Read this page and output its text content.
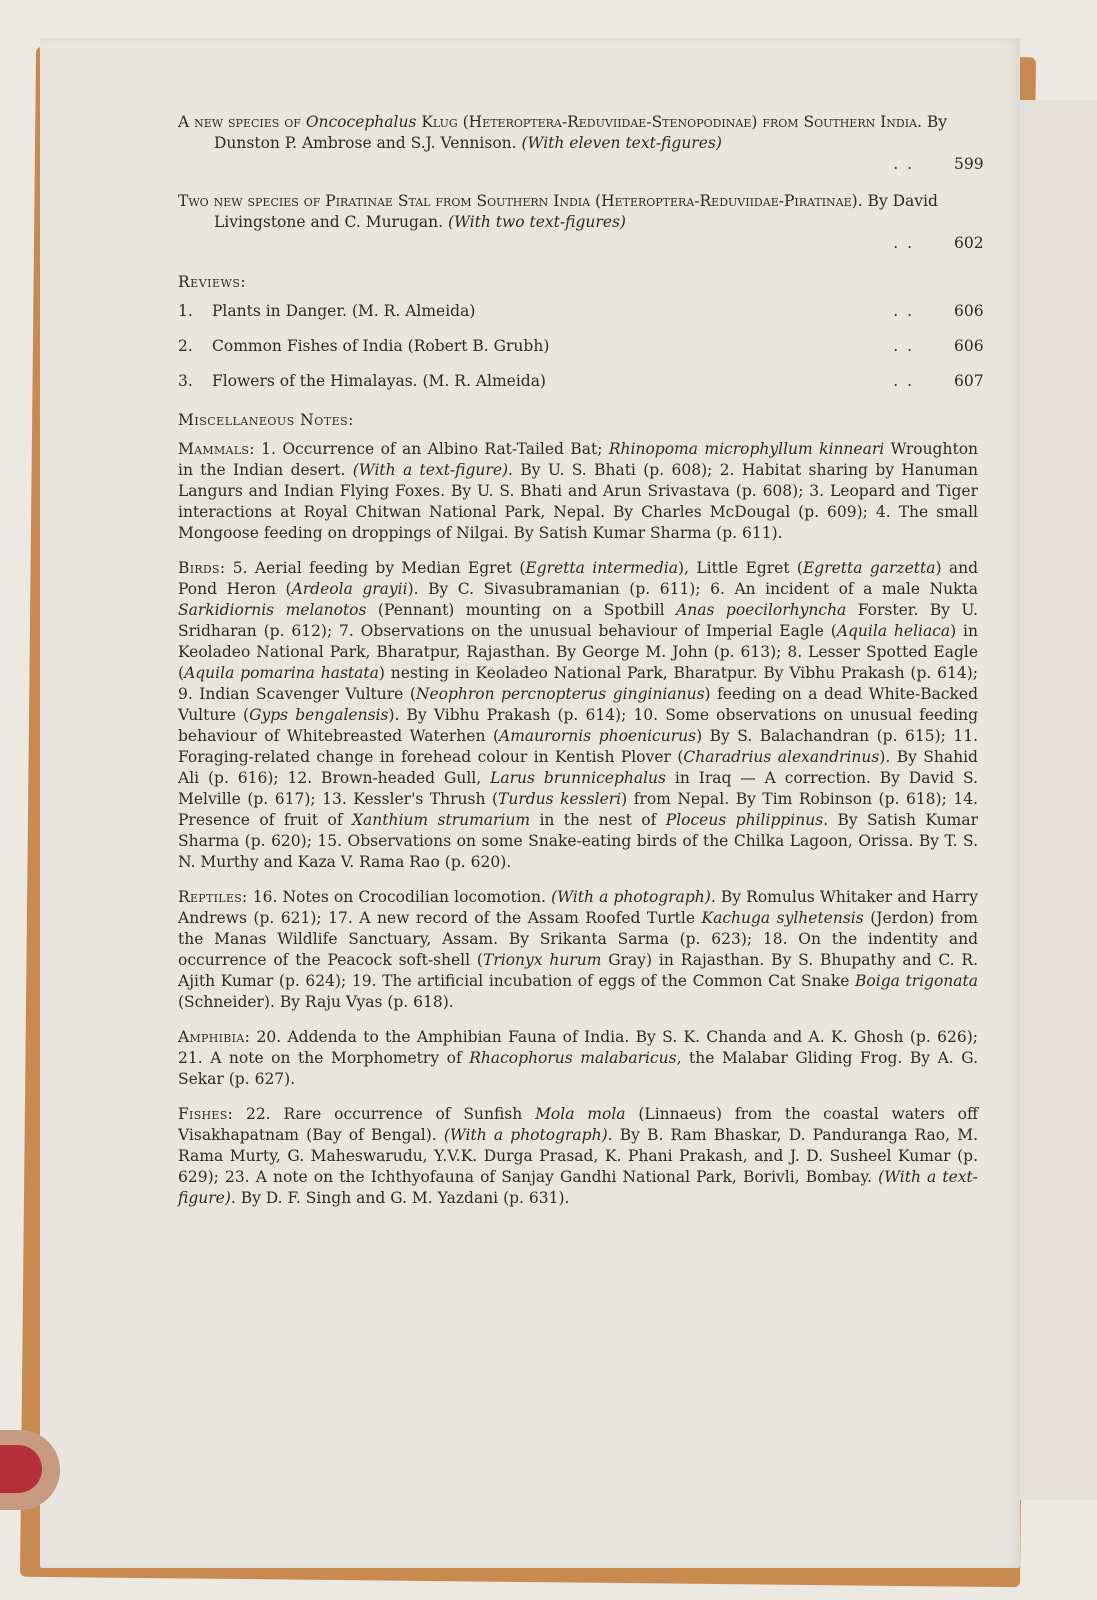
A new species of Oncocephalus Klug (Heteroptera-Reduviidae-Stenopodinae) from Southern India. By Dunston P. Ambrose and S.J. Vennison. (With eleven text-figures)
. .	599
Two new species of Piratinae Stal from Southern India (Heteroptera-Reduviidae-Piratinae). By David Livingstone and C. Murugan. (With two text-figures)
. .	602
Reviews:
1.	Plants in Danger. (M. R. Almeida)	. .	606
2.	Common Fishes of India (Robert B. Grubh)	. .	606
3.	Flowers of the Himalayas. (M. R. Almeida)	. .	607
Miscellaneous Notes:
Mammals: 1. Occurrence of an Albino Rat-Tailed Bat; Rhinopoma microphyllum kinneari Wroughton in the Indian desert. (With a text-figure). By U. S. Bhati (p. 608); 2. Habitat sharing by Hanuman Langurs and Indian Flying Foxes. By U. S. Bhati and Arun Srivastava (p. 608); 3. Leopard and Tiger interactions at Royal Chitwan National Park, Nepal. By Charles McDougal (p. 609); 4. The small Mongoose feeding on droppings of Nilgai. By Satish Kumar Sharma (p. 611).
Birds: 5. Aerial feeding by Median Egret (Egretta intermedia), Little Egret (Egretta garzetta) and Pond Heron (Ardeola grayii). By C. Sivasubramanian (p. 611); 6. An incident of a male Nukta Sarkidiornis melanotos (Pennant) mounting on a Spotbill Anas poecilorhyncha Forster. By U. Sridharan (p. 612); 7. Observations on the unusual behaviour of Imperial Eagle (Aquila heliaca) in Keoladeo National Park, Bharatpur, Rajasthan. By George M. John (p. 613); 8. Lesser Spotted Eagle (Aquila pomarina hastata) nesting in Keoladeo National Park, Bharatpur. By Vibhu Prakash (p. 614); 9. Indian Scavenger Vulture (Neophron percnopterus ginginianus) feeding on a dead White-Backed Vulture (Gyps bengalensis). By Vibhu Prakash (p. 614); 10. Some observations on unusual feeding behaviour of Whitebreasted Waterhen (Amaurornis phoenicurus) By S. Balachandran (p. 615); 11. Foraging-related change in forehead colour in Kentish Plover (Charadrius alexandrinus). By Shahid Ali (p. 616); 12. Brown-headed Gull, Larus brunnicephalus in Iraq — A correction. By David S. Melville (p. 617); 13. Kessler's Thrush (Turdus kessleri) from Nepal. By Tim Robinson (p. 618); 14. Presence of fruit of Xanthium strumarium in the nest of Ploceus philippinus. By Satish Kumar Sharma (p. 620); 15. Observations on some Snake-eating birds of the Chilka Lagoon, Orissa. By T. S. N. Murthy and Kaza V. Rama Rao (p. 620).
Reptiles: 16. Notes on Crocodilian locomotion. (With a photograph). By Romulus Whitaker and Harry Andrews (p. 621); 17. A new record of the Assam Roofed Turtle Kachuga sylhetensis (Jerdon) from the Manas Wildlife Sanctuary, Assam. By Srikanta Sarma (p. 623); 18. On the indentity and occurrence of the Peacock soft-shell (Trionyx hurum Gray) in Rajasthan. By S. Bhupathy and C. R. Ajith Kumar (p. 624); 19. The artificial incubation of eggs of the Common Cat Snake Boiga trigonata (Schneider). By Raju Vyas (p. 618).
Amphibia: 20. Addenda to the Amphibian Fauna of India. By S. K. Chanda and A. K. Ghosh (p. 626); 21. A note on the Morphometry of Rhacophorus malabaricus, the Malabar Gliding Frog. By A. G. Sekar (p. 627).
Fishes: 22. Rare occurrence of Sunfish Mola mola (Linnaeus) from the coastal waters off Visakhapatnam (Bay of Bengal). (With a photograph). By B. Ram Bhaskar, D. Panduranga Rao, M. Rama Murty, G. Maheswarudu, Y.V.K. Durga Prasad, K. Phani Prakash, and J. D. Susheel Kumar (p. 629); 23. A note on the Ichthyofauna of Sanjay Gandhi National Park, Borivli, Bombay. (With a text-figure). By D. F. Singh and G. M. Yazdani (p. 631).
